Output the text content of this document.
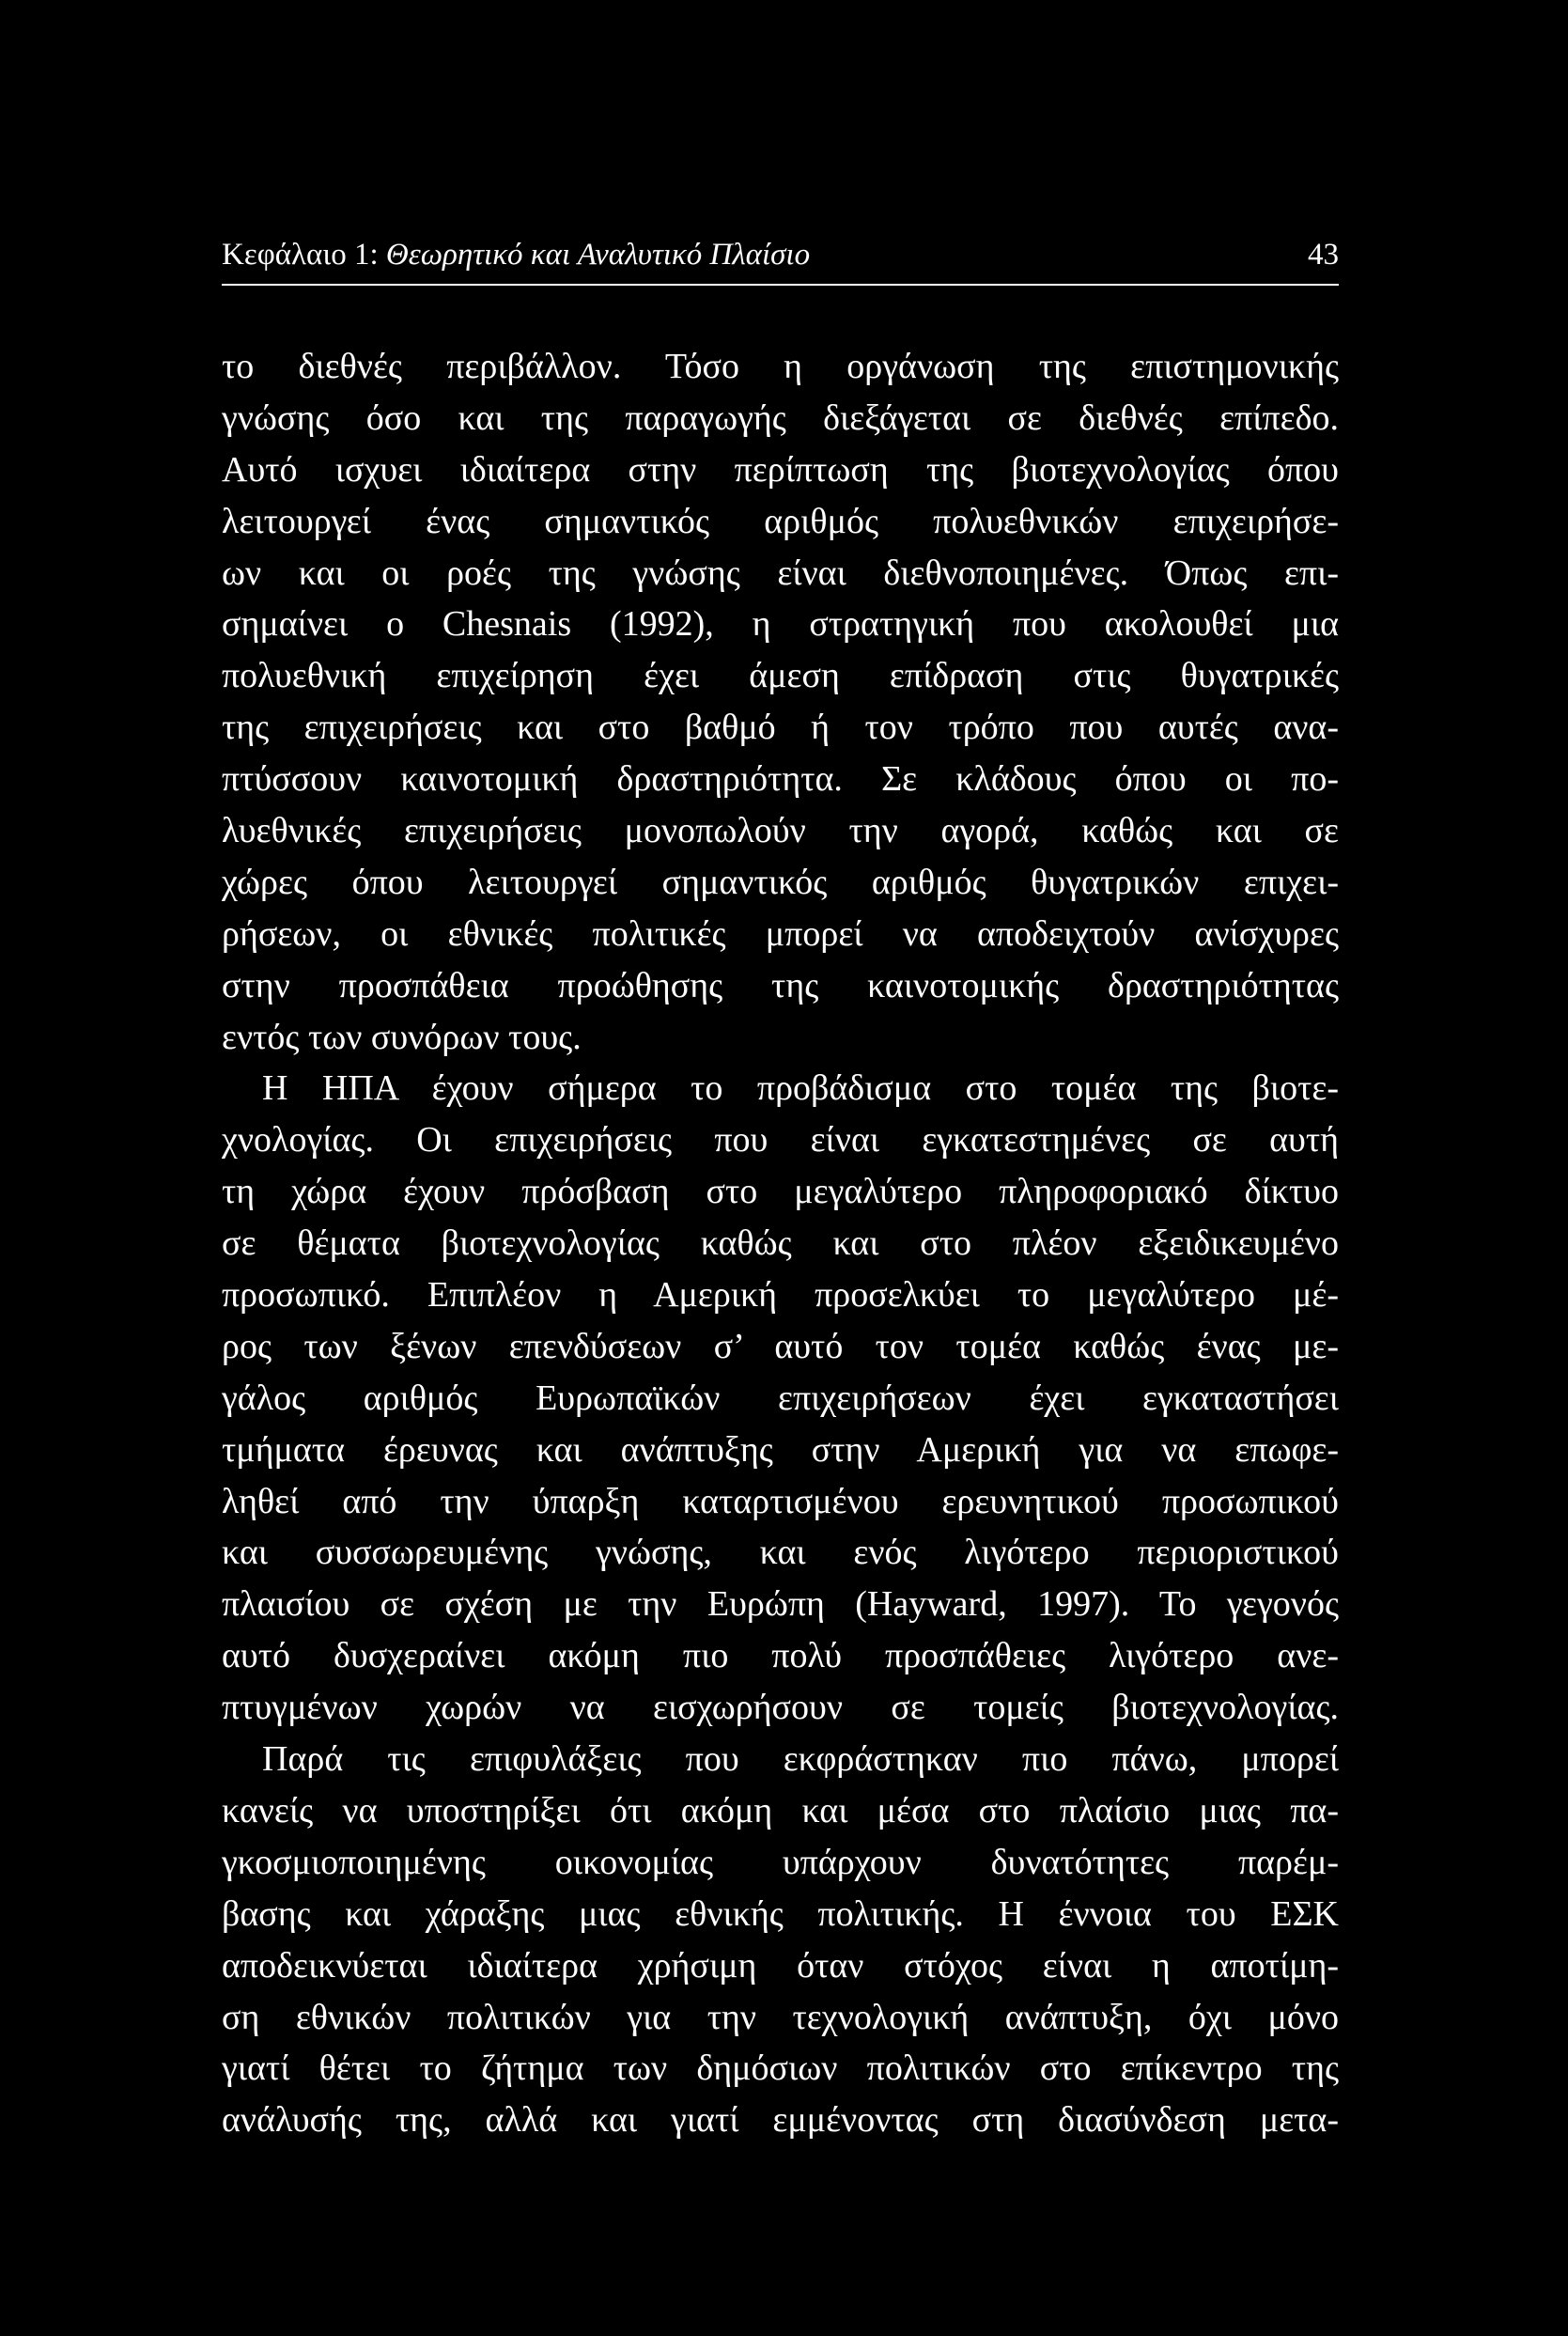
Κεφάλαιο 1: Θεωρητικό και Αναλυτικό Πλαίσιο	43
το διεθνές περιβάλλον. Τόσο η οργάνωση της επιστημονικής
γνώσης όσο και της παραγωγής διεξάγεται σε διεθνές επίπεδο.
Αυτό ισχυει ιδιαίτερα στην περίπτωση της βιοτεχνολογίας όπου
λειτουργεί ένας σημαντικός αριθμός πολυεθνικών επιχειρήσε-
ων και οι ροές της γνώσης είναι διεθνοποιημένες. Όπως επι-
σημαίνει ο Chesnais (1992), η στρατηγική που ακολουθεί μια
πολυεθνική επιχείρηση έχει άμεση επίδραση στις θυγατρικές
της επιχειρήσεις και στο βαθμό ή τον τρόπο που αυτές ανα-
πτύσσουν καινοτομική δραστηριότητα. Σε κλάδους όπου οι πο-
λυεθνικές επιχειρήσεις μονοπωλούν την αγορά, καθώς και σε
χώρες όπου λειτουργεί σημαντικός αριθμός θυγατρικών επιχει-
ρήσεων, οι εθνικές πολιτικές μπορεί να αποδειχτούν ανίσχυρες
στην προσπάθεια προώθησης της καινοτομικής δραστηριότητας
εντός των συνόρων τους.
Η ΗΠΑ έχουν σήμερα το προβάδισμα στο τομέα της βιοτε-
χνολογίας. Οι επιχειρήσεις που είναι εγκατεστημένες σε αυτή
τη χώρα έχουν πρόσβαση στο μεγαλύτερο πληροφοριακό δίκτυο
σε θέματα βιοτεχνολογίας καθώς και στο πλέον εξειδικευμένο
προσωπικό. Επιπλέον η Αμερική προσελκύει το μεγαλύτερο μέ-
ρος των ξένων επενδύσεων σ’ αυτό τον τομέα καθώς ένας με-
γάλος αριθμός Ευρωπαϊκών επιχειρήσεων έχει εγκαταστήσει
τμήματα έρευνας και ανάπτυξης στην Αμερική για να επωφε-
ληθεί από την ύπαρξη καταρτισμένου ερευνητικού προσωπικού
και συσσωρευμένης γνώσης, και ενός λιγότερο περιοριστικού
πλαισίου σε σχέση με την Ευρώπη (Hayward, 1997). Το γεγονός
αυτό δυσχεραίνει ακόμη πιο πολύ προσπάθειες λιγότερο ανε-
πτυγμένων χωρών να εισχωρήσουν σε τομείς βιοτεχνολογίας.
Παρά τις επιφυλάξεις που εκφράστηκαν πιο πάνω, μπορεί
κανείς να υποστηρίξει ότι ακόμη και μέσα στο πλαίσιο μιας πα-
γκοσμιοποιημένης οικονομίας υπάρχουν δυνατότητες παρέμ-
βασης και χάραξης μιας εθνικής πολιτικής. Η έννοια του ΕΣΚ
αποδεικνύεται ιδιαίτερα χρήσιμη όταν στόχος είναι η αποτίμη-
ση εθνικών πολιτικών για την τεχνολογική ανάπτυξη, όχι μόνο
γιατί θέτει το ζήτημα των δημόσιων πολιτικών στο επίκεντρο της
ανάλυσής της, αλλά και γιατί εμμένοντας στη διασύνδεση μετα-
